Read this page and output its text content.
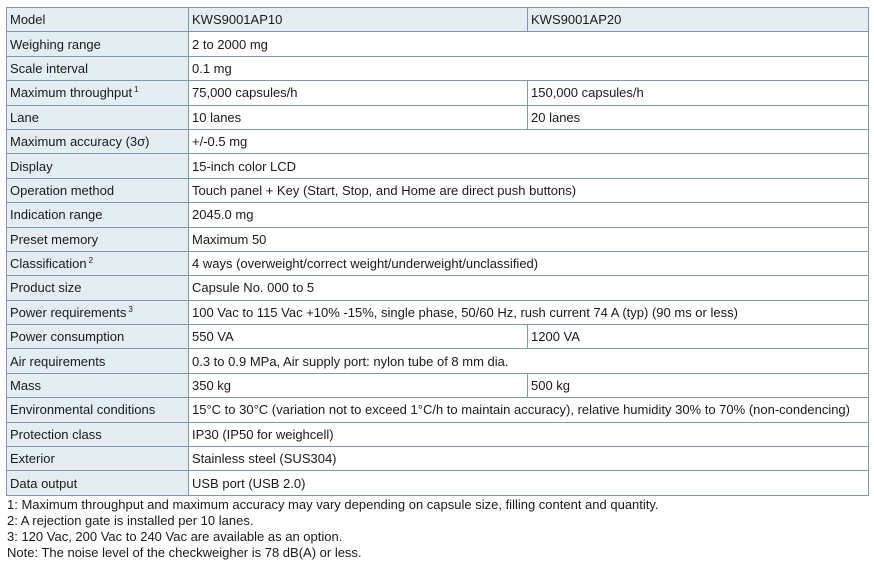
Model	KWS9001AP10	KWS9001AP20
Weighing range	2 to 2000 mg	
Scale interval	0.1 mg	
Maximum throughput $^1$	75,000 capsules/h	150,000 capsules/h
Lane	10 lanes	20 lanes
Maximum accuracy (3σ)	+/-0.5 mg	
Display	15-inch color LCD	
Operation method	Touch panel + Key (Start, Stop, and Home are direct push buttons)	
Indication range	2045.0 mg	
Preset memory	Maximum 50	
Classification $^2$	4 ways (overweight/correct weight/underweight/unclassified)	
Product size	Capsule No. 000 to 5	
Power requirements $^3$	100 Vac to 115 Vac +10% -15%, single phase, 50/60 Hz, rush current 74 A (typ) (90 ms or less)	
Power consumption	550 VA	1200 VA
Air requirements	0.3 to 0.9 MPa, Air supply port: nylon tube of 8 mm dia.	
Mass	350 kg	500 kg
Environmental conditions	15°C to 30°C (variation not to exceed 1°C/h to maintain accuracy), relative humidity 30% to 70% (non-condencing)	
Protection class	IP30 (IP50 for weighcell)	
Exterior	Stainless steel (SUS304)	
Data output	USB port (USB 2.0)	
1: Maximum throughput and maximum accuracy may vary depending on capsule size, filling content and quantity.
2: A rejection gate is installed per 10 lanes.
3: 120 Vac, 200 Vac to 240 Vac are available as an option.
Note: The noise level of the checkweigher is 78 dB(A) or less.
